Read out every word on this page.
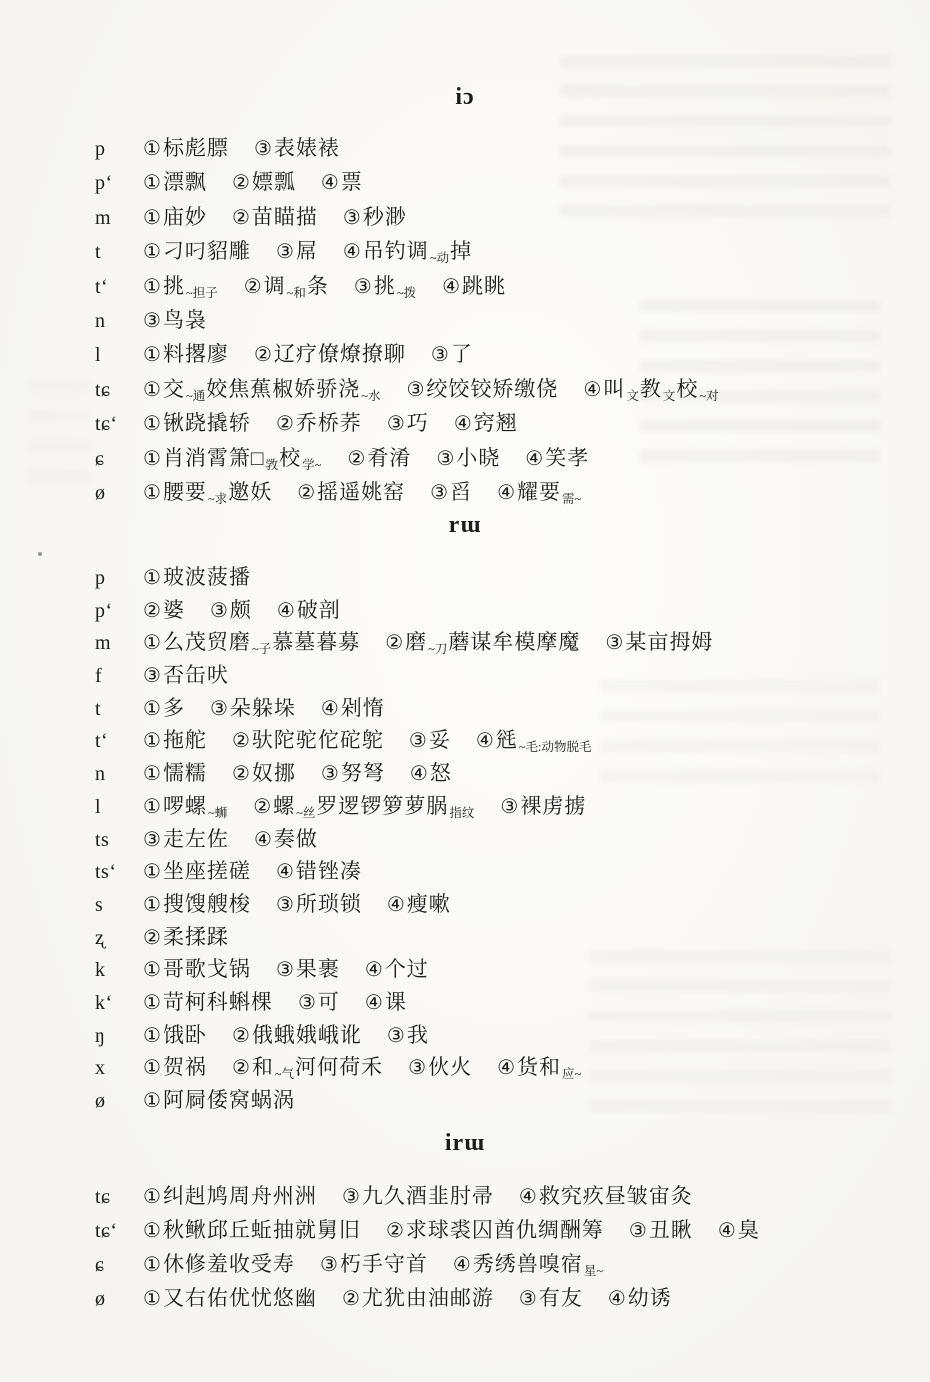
iɔ
p	①标彪膘 ③表婊裱
p‘	①漂飘 ②嫖瓢 ④票
m	①庙妙 ②苗瞄描 ③秒渺
t	①刁叼貂雕 ③屌 ④吊钓调$_{\sim 动}$掉
t‘	①挑$_{\sim 担子}$ ②调$_{\sim 和}$条 ③挑$_{\sim 拨}$ ④跳眺
n	③鸟袅
l	①料撂廖 ②辽疗僚燎撩聊 ③了
tɕ	①交$_{\sim 通}$姣焦蕉椒娇骄浇$_{\sim 水}$ ③绞饺铰矫缴侥 ④叫$_文$教$_文$校$_{\sim 对}$
tɕ‘	①锹跷撬轿 ②乔桥荞 ③巧 ④窍翘
ɕ	①肖消霄箫$□_敩$校$_{学\sim}$ ②肴淆 ③小晓 ④笑孝
ø	①腰要$_{\sim 求}$邀妖 ②摇遥姚窑 ③舀 ④耀要$_{需\sim}$
rɯ
p	①玻波菠播
p‘	②婆 ③颇 ④破剖
m	①么茂贸磨$_{\sim 子}$慕墓暮募 ②磨$_{\sim 刀}$蘑谋牟模摩魔 ③某亩拇姆
f	③否缶吠
t	①多 ③朵躲垛 ④剁惰
t‘	①拖舵 ②驮陀驼佗砣鸵 ③妥 ④毤$_{\sim 毛:动物脱毛}$
n	①懦糯 ②奴挪 ③努弩 ④怒
l	①啰螺$_{\sim 蛳}$ ②螺$_{\sim 丝}$罗逻锣箩萝脶$_{指纹}$ ③裸虏掳
ts	③走左佐 ④奏做
ts‘	①坐座搓磋 ④错锉凑
s	①搜馊艘梭 ③所琐锁 ④瘦嗽
ʐ	②柔揉蹂
k	①哥歌戈锅 ③果裹 ④个过
k‘	①苛柯科蝌棵 ③可 ④课
ŋ	①饿卧 ②俄蛾娥峨讹 ③我
x	①贺祸 ②和$_{\sim 气}$河何荷禾 ③伙火 ④货和$_{应\sim}$
ø	①阿屙倭窝蜗涡
irɯ
tɕ	①纠赳鸠周舟州洲 ③九久酒韭肘帚 ④救究疚昼皱宙灸
tɕ‘	①秋鳅邱丘蚯抽就舅旧 ②求球裘囚酋仇绸酬筹 ③丑瞅 ④臭
ɕ	①休修羞收受寿 ③朽手守首 ④秀绣兽嗅宿$_{星\sim}$
ø	①又右佑优忧悠幽 ②尤犹由油邮游 ③有友 ④幼诱
